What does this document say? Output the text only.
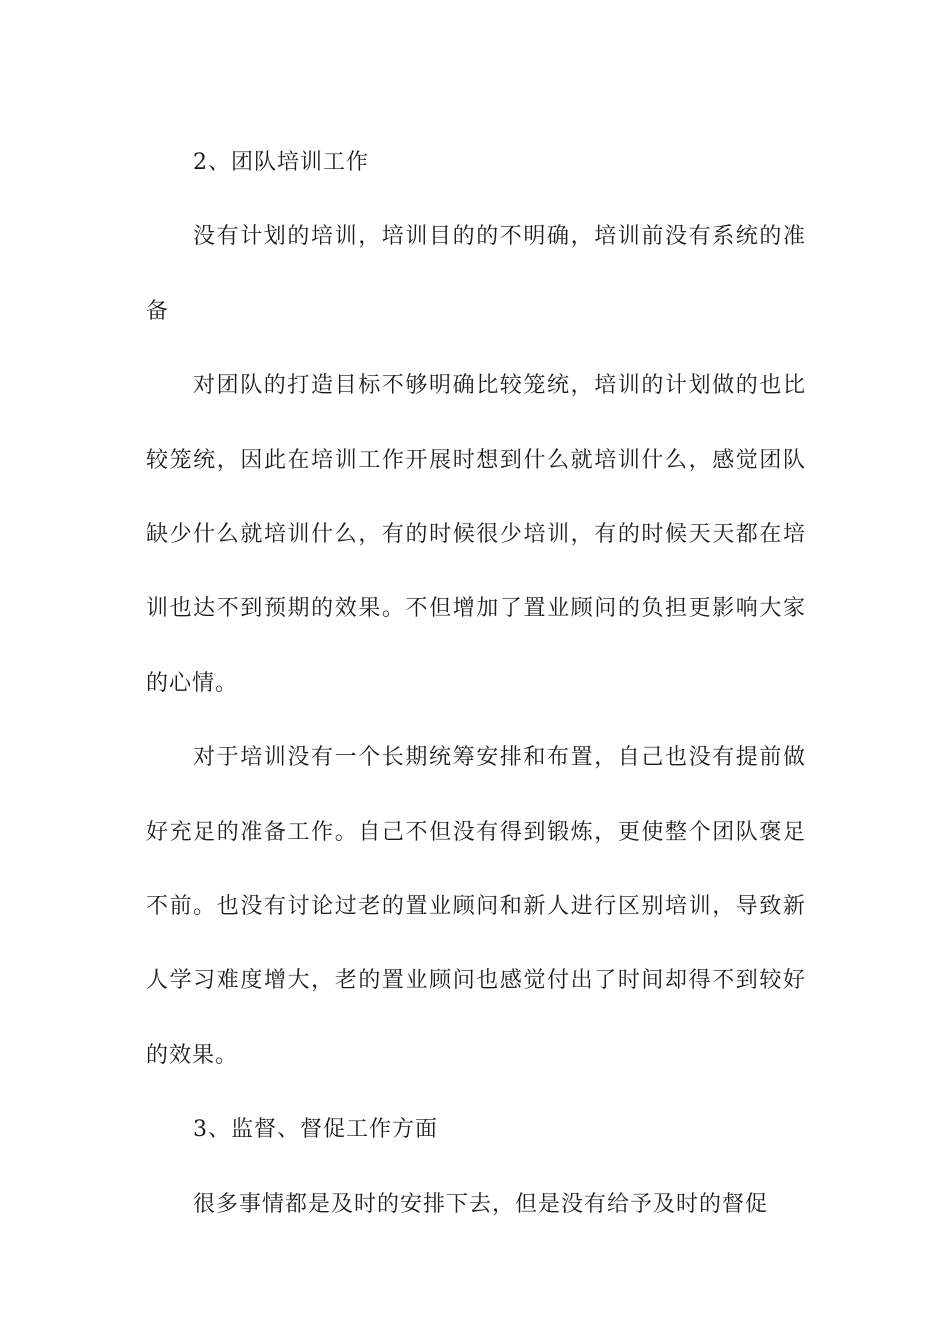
2、团队培训工作

没有计划的培训，培训目的的不明确，培训前没有系统的准备

对团队的打造目标不够明确比较笼统，培训的计划做的也比较笼统，因此在培训工作开展时想到什么就培训什么，感觉团队缺少什么就培训什么，有的时候很少培训，有的时候天天都在培训也达不到预期的效果。不但增加了置业顾问的负担更影响大家的心情。

对于培训没有一个长期统筹安排和布置，自己也没有提前做好充足的准备工作。自己不但没有得到锻炼，更使整个团队褒足不前。也没有讨论过老的置业顾问和新人进行区别培训，导致新人学习难度增大，老的置业顾问也感觉付出了时间却得不到较好的效果。

3、监督、督促工作方面

很多事情都是及时的安排下去，但是没有给予及时的督促
